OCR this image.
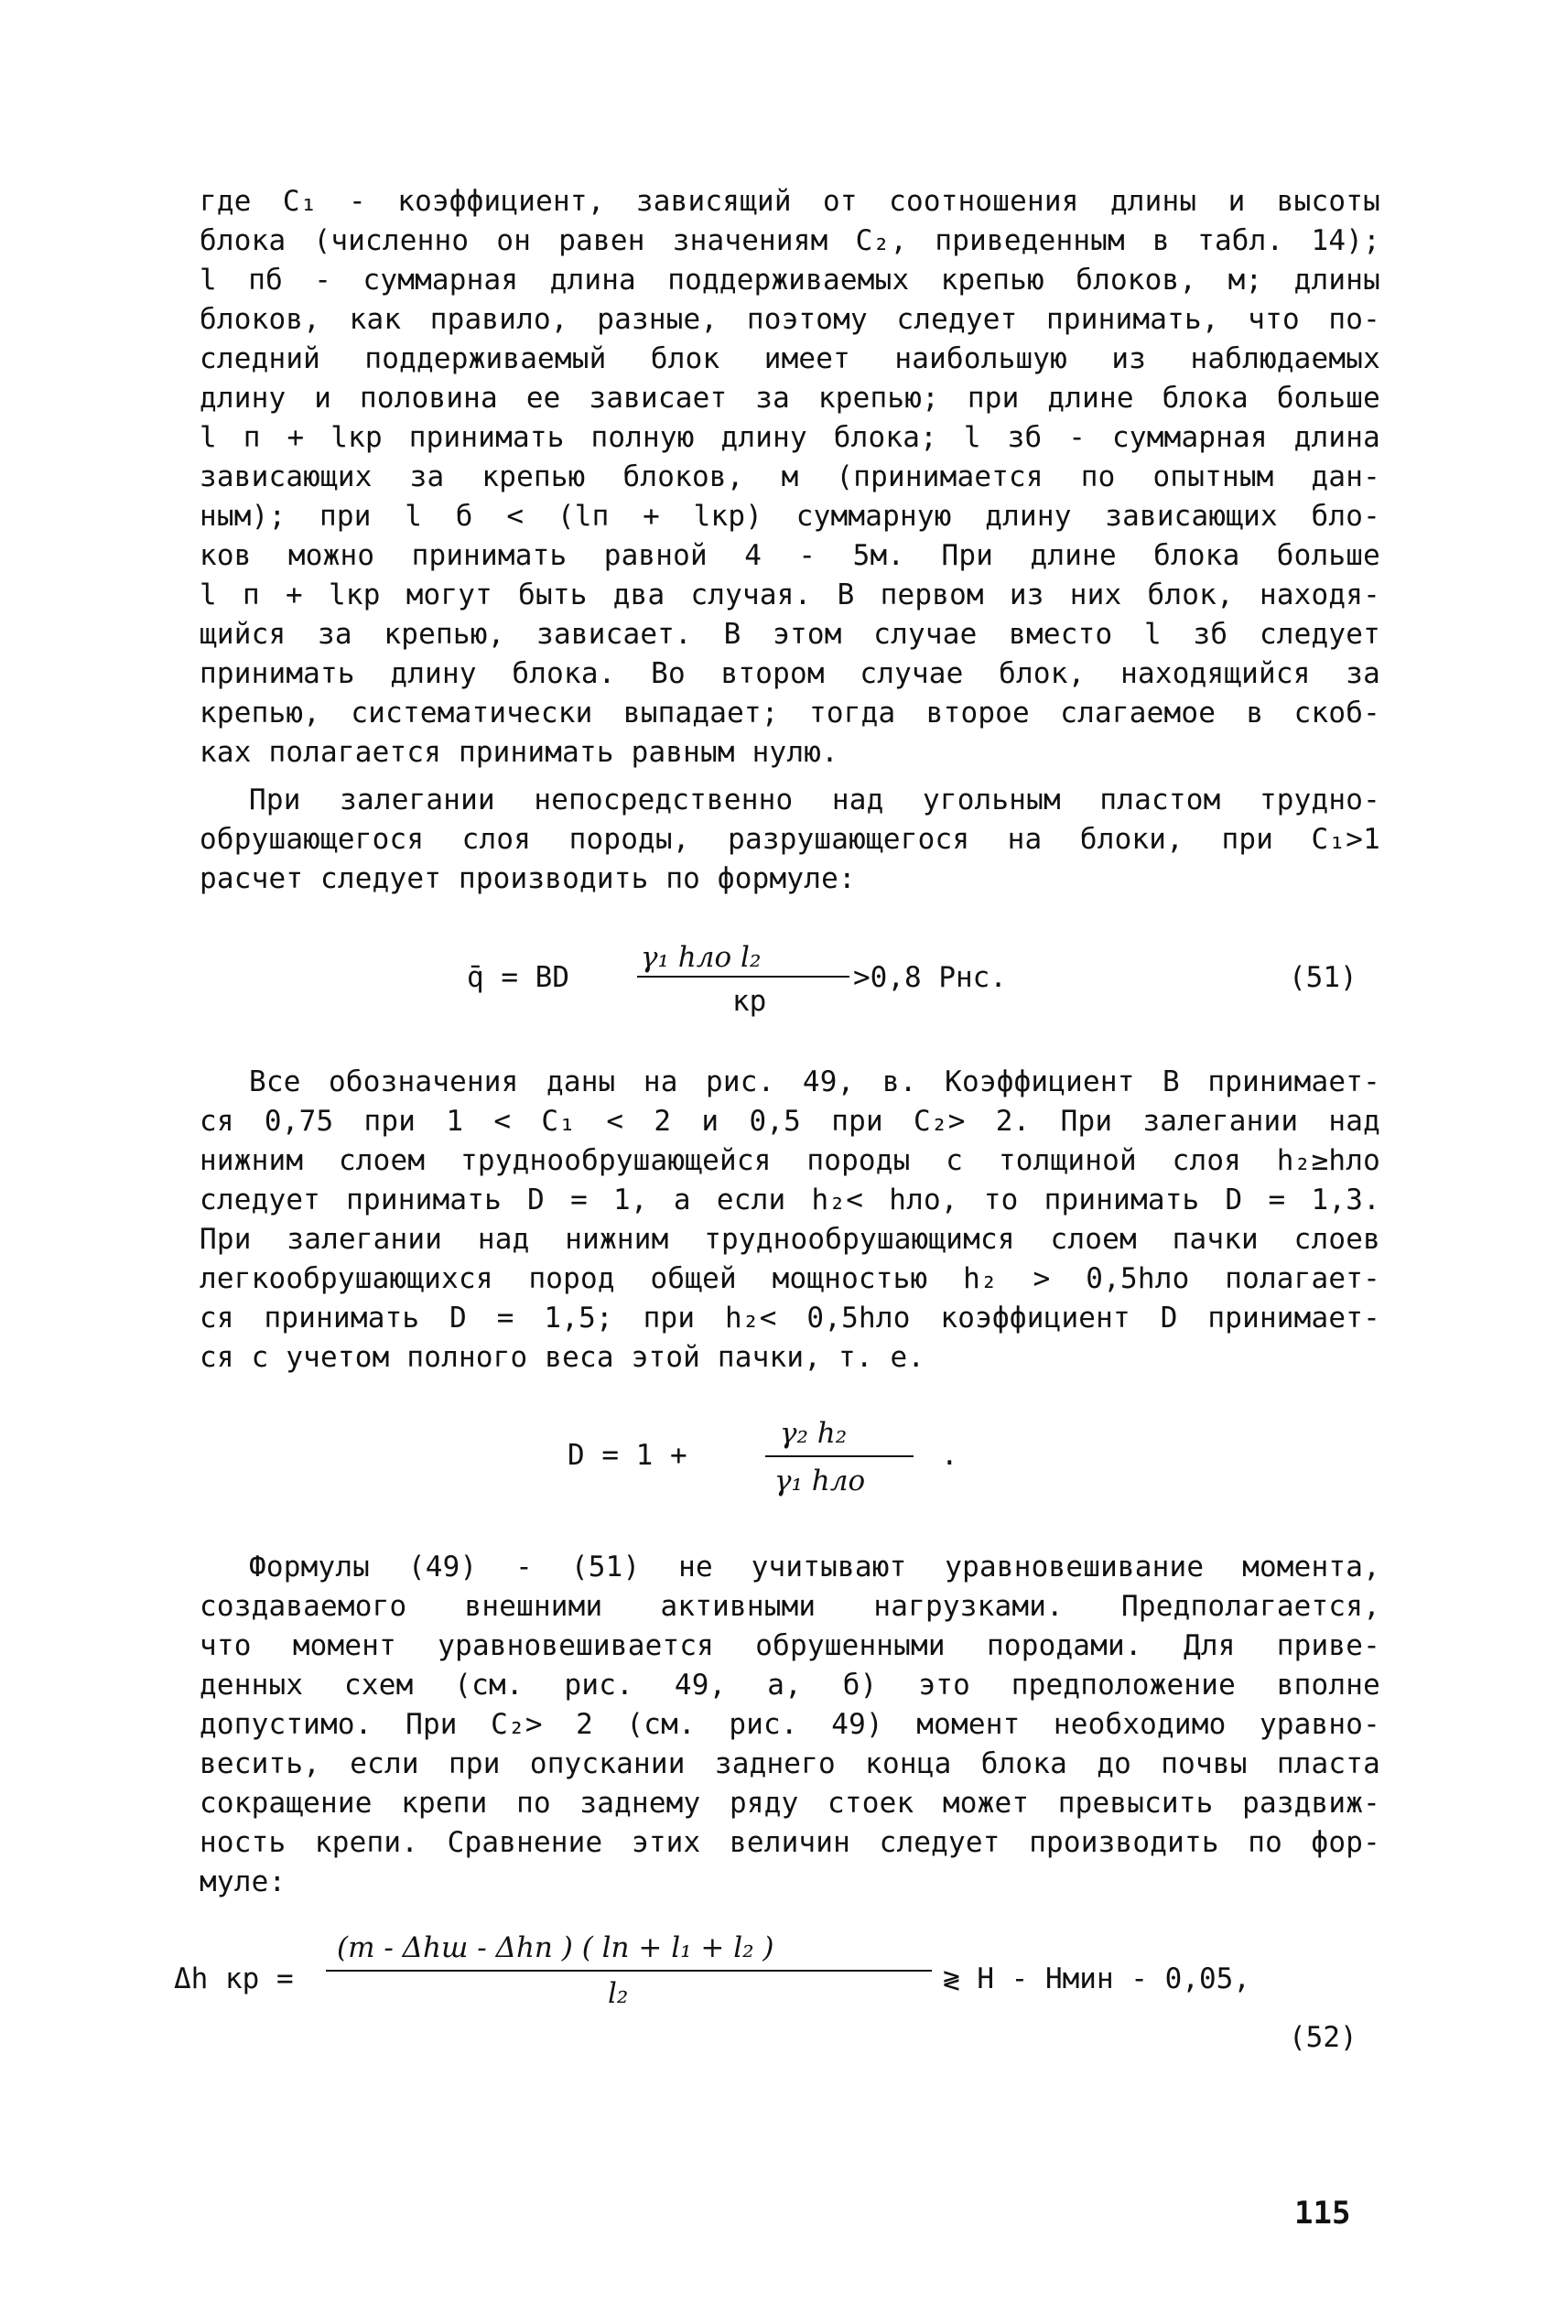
где C₁ - коэффициент, зависящий от соотношения длины и высоты
блока (численно он равен значениям C₂, приведенным в табл. 14);
l пб - суммарная длина поддерживаемых крепью блоков, м; длины
блоков, как правило, разные, поэтому следует принимать, что по-
следний поддерживаемый блок имеет наибольшую из наблюдаемых
длину и половина ее зависает за крепью; при длине блока больше
l п + lкр принимать полную длину блока; l зб - суммарная длина
зависающих за крепью блоков, м (принимается по опытным дан-
ным); при l б < (lп + lкр) суммарную длину зависающих бло-
ков можно принимать равной 4 - 5м. При длине блока больше
l п + lкр могут быть два случая. В первом из них блок, находя-
щийся за крепью, зависает. В этом случае вместо l зб следует
принимать длину блока. Во втором случае блок, находящийся за
крепью, систематически выпадает; тогда второе слагаемое в скоб-
ках полагается принимать равным нулю.
При залегании непосредственно над угольным пластом трудно-
обрушающегося слоя породы, разрушающегося на блоки, при C₁>1
расчет следует производить по формуле:
q̄ = BD
γ₁ hло l₂
кр
>0,8 Pнс.	(51)
Все обозначения даны на рис. 49, в. Коэффициент B принимает-
ся 0,75 при 1 < C₁ < 2 и 0,5 при C₂> 2. При залегании над
нижним слоем труднообрушающейся породы с толщиной слоя h₂≥hло
следует принимать D = 1, а если h₂< hло, то принимать D = 1,3.
При залегании над нижним труднообрушающимся слоем пачки слоев
легкообрушающихся пород общей мощностью h₂ > 0,5hло полагает-
ся принимать D = 1,5; при h₂< 0,5hло коэффициент D принимает-
ся с учетом полного веса этой пачки, т. е.
D = 1 +
γ₂ h₂
γ₁ hло
.
Формулы (49) - (51) не учитывают уравновешивание момента,
создаваемого внешними активными нагрузками. Предполагается,
что момент уравновешивается обрушенными породами. Для приве-
денных схем (см. рис. 49, а, б) это предположение вполне
допустимо. При C₂> 2 (см. рис. 49) момент необходимо уравно-
весить, если при опускании заднего конца блока до почвы пласта
сокращение крепи по заднему ряду стоек может превысить раздвиж-
ность крепи. Сравнение этих величин следует производить по фор-
муле:
Δh кр =
(m - Δhш - Δhп ) ( lп + l₁ + l₂ )
l₂	≷ H - Hмин - 0,05,
(52)
115
